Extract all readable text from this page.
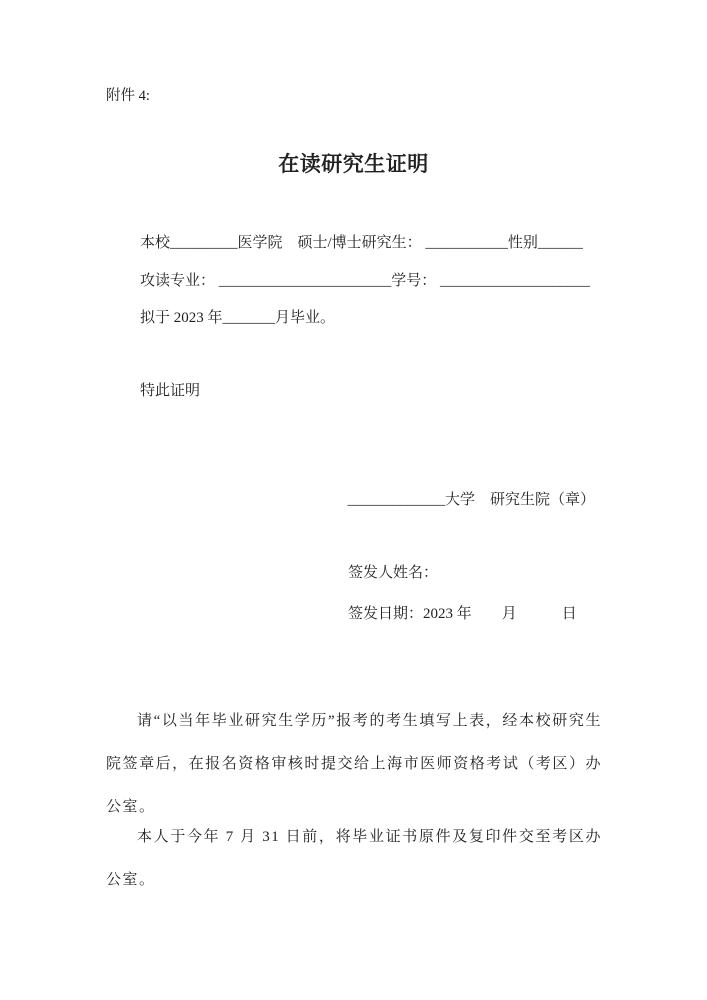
附件 4:
在读研究生证明
本校_________医学院　硕士/博士研究生： ___________性别______
攻读专业： _______________________学号： ____________________
拟于 2023 年_______月毕业。
特此证明
_____________大学　研究生院（章）
签发人姓名：
签发日期：2023 年　　月　　　日
请“以当年毕业研究生学历”报考的考生填写上表，经本校研究生院签章后，在报名资格审核时提交给上海市医师资格考试（考区）办公室。
本人于今年 7 月 31 日前，将毕业证书原件及复印件交至考区办公室。
